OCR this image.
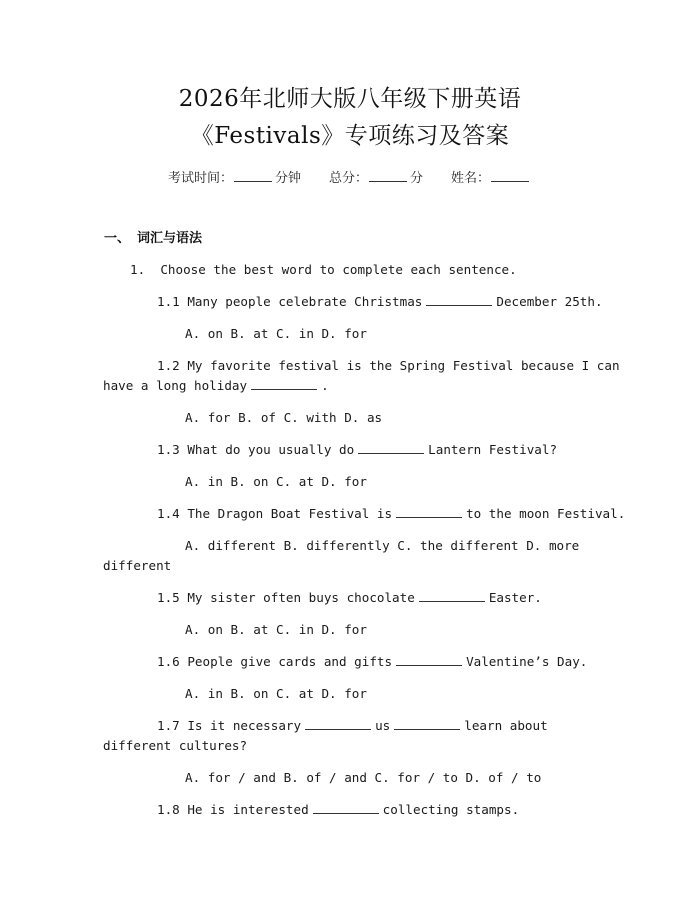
2026年北师大版八年级下册英语
《Festivals》专项练习及答案
考试时间：	分钟 总分：	分 姓名：
一、 词汇与语法
1. Choose the best word to complete each sentence.
1.1 Many people celebrate Christmas	December 25th.
A. on B. at C. in D. for
1.2 My favorite festival is the Spring Festival because I can
have a long holiday	.
A. for B. of C. with D. as
1.3 What do you usually do	Lantern Festival?
A. in B. on C. at D. for
1.4 The Dragon Boat Festival is	to the moon Festival.
A. different B. differently C. the different D. more
different
1.5 My sister often buys chocolate	Easter.
A. on B. at C. in D. for
1.6 People give cards and gifts	Valentine’s Day.
A. in B. on C. at D. for
1.7 Is it necessary	us	learn about
different cultures?
A. for / and B. of / and C. for / to D. of / to
1.8 He is interested	collecting stamps.
